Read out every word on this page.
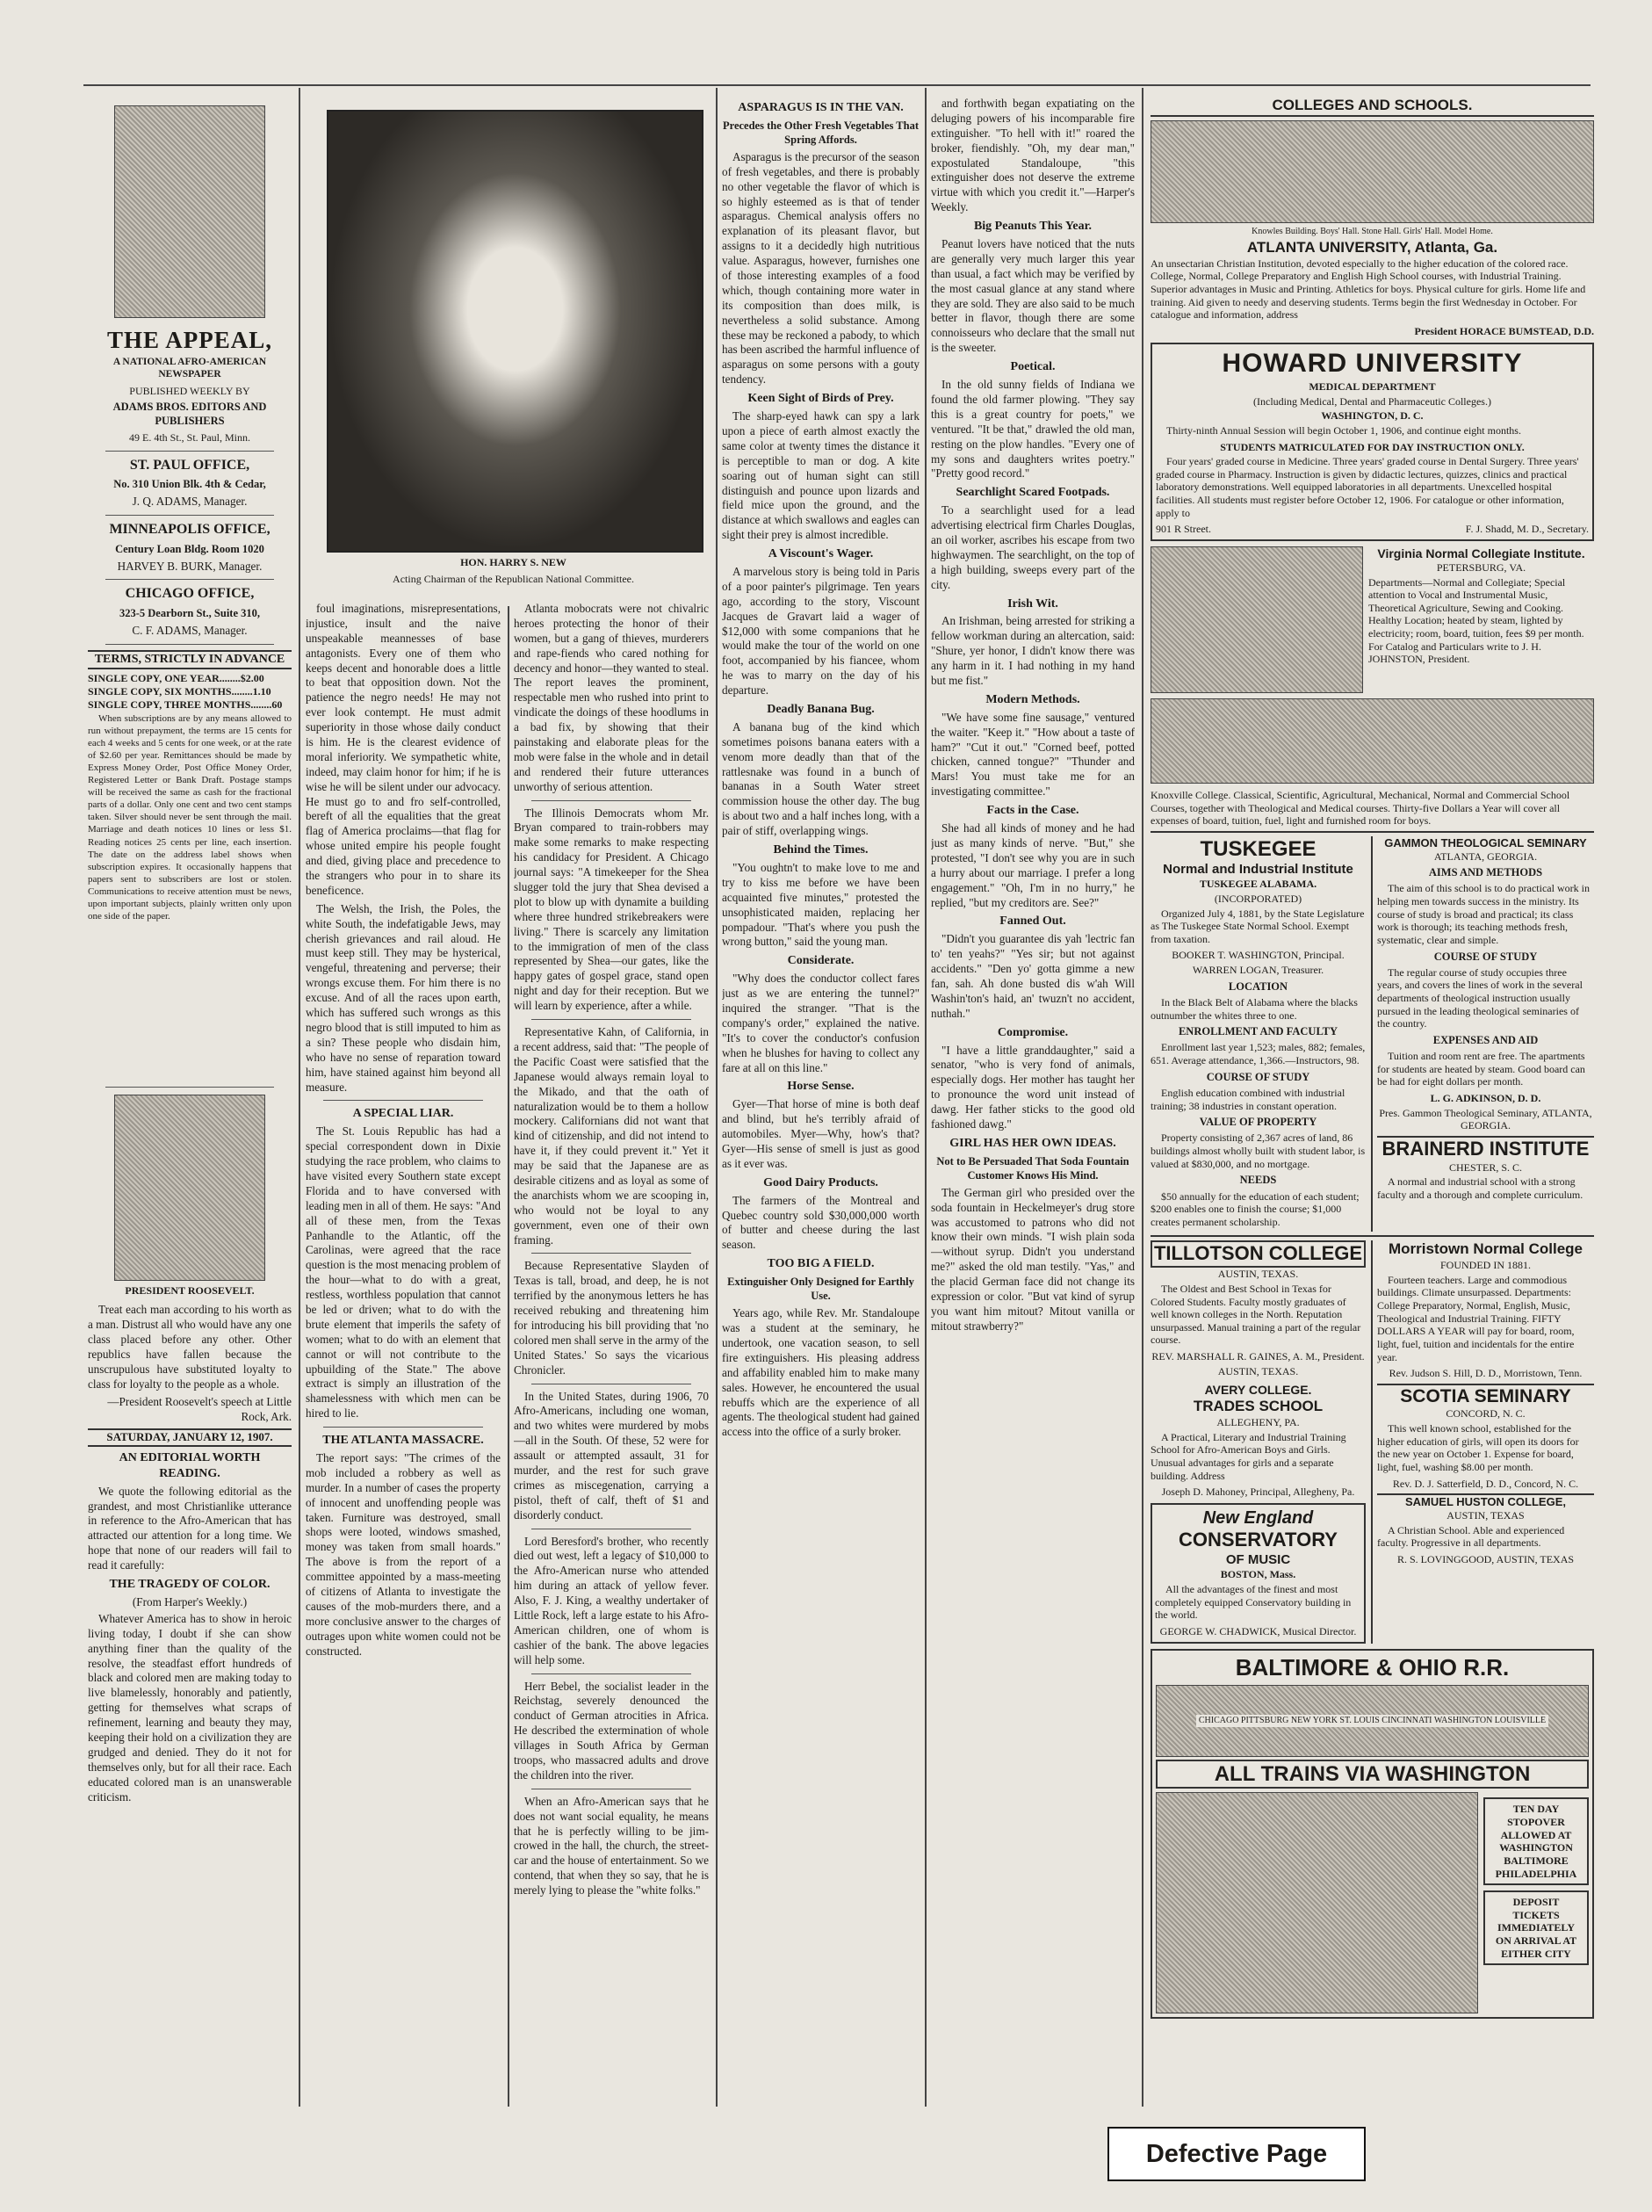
THE APPEAL,
A NATIONAL AFRO-AMERICAN NEWSPAPER
PUBLISHED WEEKLY BY
ADAMS BROS. EDITORS AND PUBLISHERS
49 E. 4th St., St. Paul, Minn.
ST. PAUL OFFICE,
No. 310 Union Blk. 4th & Cedar,
J. Q. ADAMS, Manager.
MINNEAPOLIS OFFICE,
Century Loan Bldg. Room 1020
HARVEY B. BURK, Manager.
CHICAGO OFFICE,
323-5 Dearborn St., Suite 310,
C. F. ADAMS, Manager.
TERMS, STRICTLY IN ADVANCE
SINGLE COPY, ONE YEAR........$2.00
SINGLE COPY, SIX MONTHS........1.10
SINGLE COPY, THREE MONTHS........60
When subscriptions are by any means allowed to run without prepayment, the terms are 15 cents for each 4 weeks and 5 cents for one week, or at the rate of $2.60 per year. Remittances should be made by Express Money Order, Post Office Money Order, Registered Letter or Bank Draft. Postage stamps will be received the same as cash for the fractional parts of a dollar. Only one cent and two cent stamps taken. Silver should never be sent through the mail. Marriage and death notices 10 lines or less $1. Reading notices 25 cents per line, each insertion. The date on the address label shows when subscription expires. It occasionally happens that papers sent to subscribers are lost or stolen. Communications to receive attention must be news, upon important subjects, plainly written only upon one side of the paper.
PRESIDENT ROOSEVELT.
Treat each man according to his worth as a man. Distrust all who would have any one class placed before any other. Other republics have fallen because the unscrupulous have substituted loyalty to class for loyalty to the people as a whole.
—President Roosevelt's speech at Little Rock, Ark.
SATURDAY, JANUARY 12, 1907.
AN EDITORIAL WORTH READING.
We quote the following editorial as the grandest, and most Christianlike utterance in reference to the Afro-American that has attracted our attention for a long time. We hope that none of our readers will fail to read it carefully:
THE TRAGEDY OF COLOR.
(From Harper's Weekly.)
Whatever America has to show in heroic living today, I doubt if she can show anything finer than the quality of the resolve, the steadfast effort hundreds of black and colored men are making today to live blamelessly, honorably and patiently, getting for themselves what scraps of refinement, learning and beauty they may, keeping their hold on a civilization they are grudged and denied. They do it not for themselves only, but for all their race. Each educated colored man is an unanswerable criticism.
HON. HARRY S. NEW
Acting Chairman of the Republican National Committee.
foul imaginations, misrepresentations, injustice, insult and the naive unspeakable meannesses of base antagonists. Every one of them who keeps decent and honorable does a little to beat that opposition down. Not the patience the negro needs! He may not ever look contempt. He must admit superiority in those whose daily conduct is him. He is the clearest evidence of moral inferiority. We sympathetic white, indeed, may claim honor for him; if he is wise he will be silent under our advocacy. He must go to and fro self-controlled, bereft of all the equalities that the great flag of America proclaims—that flag for whose united empire his people fought and died, giving place and precedence to the strangers who pour in to share its beneficence.
The Welsh, the Irish, the Poles, the white South, the indefatigable Jews, may cherish grievances and rail aloud. He must keep still. They may be hysterical, vengeful, threatening and perverse; their wrongs excuse them. For him there is no excuse. And of all the races upon earth, which has suffered such wrongs as this negro blood that is still imputed to him as a sin? These people who disdain him, who have no sense of reparation toward him, have stained against him beyond all measure.
A SPECIAL LIAR.
The St. Louis Republic has had a special correspondent down in Dixie studying the race problem, who claims to have visited every Southern state except Florida and to have conversed with leading men in all of them. He says: "And all of these men, from the Texas Panhandle to the Atlantic, off the Carolinas, were agreed that the race question is the most menacing problem of the hour—what to do with a great, restless, worthless population that cannot be led or driven; what to do with the brute element that imperils the safety of women; what to do with an element that cannot or will not contribute to the upbuilding of the State." The above extract is simply an illustration of the shamelessness with which men can be hired to lie.
THE ATLANTA MASSACRE.
The report says: "The crimes of the mob included a robbery as well as murder. In a number of cases the property of innocent and unoffending people was taken. Furniture was destroyed, small shops were looted, windows smashed, money was taken from small hoards." The above is from the report of a committee appointed by a mass-meeting of citizens of Atlanta to investigate the causes of the mob-murders there, and a more conclusive answer to the charges of outrages upon white women could not be constructed.
Atlanta mobocrats were not chivalric heroes protecting the honor of their women, but a gang of thieves, murderers and rape-fiends who cared nothing for decency and honor—they wanted to steal. The report leaves the prominent, respectable men who rushed into print to vindicate the doings of these hoodlums in a bad fix, by showing that their painstaking and elaborate pleas for the mob were false in the whole and in detail and rendered their future utterances unworthy of serious attention.
The Illinois Democrats whom Mr. Bryan compared to train-robbers may make some remarks to make respecting his candidacy for President. A Chicago journal says: "A timekeeper for the Shea slugger told the jury that Shea devised a plot to blow up with dynamite a building where three hundred strikebreakers were living." There is scarcely any limitation to the immigration of men of the class represented by Shea—our gates, like the happy gates of gospel grace, stand open night and day for their reception. But we will learn by experience, after a while.
Representative Kahn, of California, in a recent address, said that: "The people of the Pacific Coast were satisfied that the Japanese would always remain loyal to the Mikado, and that the oath of naturalization would be to them a hollow mockery. Californians did not want that kind of citizenship, and did not intend to have it, if they could prevent it." Yet it may be said that the Japanese are as desirable citizens and as loyal as some of the anarchists whom we are scooping in, who would not be loyal to any government, even one of their own framing.
Because Representative Slayden of Texas is tall, broad, and deep, he is not terrified by the anonymous letters he has received rebuking and threatening him for introducing his bill providing that 'no colored men shall serve in the army of the United States.' So says the vicarious Chronicler.
In the United States, during 1906, 70 Afro-Americans, including one woman, and two whites were murdered by mobs—all in the South. Of these, 52 were for assault or attempted assault, 31 for murder, and the rest for such grave crimes as miscegenation, carrying a pistol, theft of calf, theft of $1 and disorderly conduct.
Lord Beresford's brother, who recently died out west, left a legacy of $10,000 to the Afro-American nurse who attended him during an attack of yellow fever. Also, F. J. King, a wealthy undertaker of Little Rock, left a large estate to his Afro-American children, one of whom is cashier of the bank. The above legacies will help some.
Herr Bebel, the socialist leader in the Reichstag, severely denounced the conduct of German atrocities in Africa. He described the extermination of whole villages in South Africa by German troops, who massacred adults and drove the children into the river.
When an Afro-American says that he does not want social equality, he means that he is perfectly willing to be jim-crowed in the hall, the church, the street-car and the house of entertainment. So we contend, that when they so say, that he is merely lying to please the "white folks."
ASPARAGUS IS IN THE VAN.
Precedes the Other Fresh Vegetables That Spring Affords.
Asparagus is the precursor of the season of fresh vegetables, and there is probably no other vegetable the flavor of which is so highly esteemed as is that of tender asparagus. Chemical analysis offers no explanation of its pleasant flavor, but assigns to it a decidedly high nutritious value. Asparagus, however, furnishes one of those interesting examples of a food which, though containing more water in its composition than does milk, is nevertheless a solid substance. Among these may be reckoned a pabody, to which has been ascribed the harmful influence of asparagus on some persons with a gouty tendency.
Keen Sight of Birds of Prey.
The sharp-eyed hawk can spy a lark upon a piece of earth almost exactly the same color at twenty times the distance it is perceptible to man or dog. A kite soaring out of human sight can still distinguish and pounce upon lizards and field mice upon the ground, and the distance at which swallows and eagles can sight their prey is almost incredible.
A Viscount's Wager.
A marvelous story is being told in Paris of a poor painter's pilgrimage. Ten years ago, according to the story, Viscount Jacques de Gravart laid a wager of $12,000 with some companions that he would make the tour of the world on one foot, accompanied by his fiancee, whom he was to marry on the day of his departure.
Deadly Banana Bug.
A banana bug of the kind which sometimes poisons banana eaters with a venom more deadly than that of the rattlesnake was found in a bunch of bananas in a South Water street commission house the other day. The bug is about two and a half inches long, with a pair of stiff, overlapping wings.
Behind the Times.
"You oughtn't to make love to me and try to kiss me before we have been acquainted five minutes," protested the unsophisticated maiden, replacing her pompadour. "That's where you push the wrong button," said the young man.
Considerate.
"Why does the conductor collect fares just as we are entering the tunnel?" inquired the stranger. "That is the company's order," explained the native. "It's to cover the conductor's confusion when he blushes for having to collect any fare at all on this line."
Horse Sense.
Gyer—That horse of mine is both deaf and blind, but he's terribly afraid of automobiles. Myer—Why, how's that? Gyer—His sense of smell is just as good as it ever was.
Good Dairy Products.
The farmers of the Montreal and Quebec country sold $30,000,000 worth of butter and cheese during the last season.
TOO BIG A FIELD.
Extinguisher Only Designed for Earthly Use.
Years ago, while Rev. Mr. Standaloupe was a student at the seminary, he undertook, one vacation season, to sell fire extinguishers. His pleasing address and affability enabled him to make many sales. However, he encountered the usual rebuffs which are the experience of all agents. The theological student had gained access into the office of a surly broker.
and forthwith began expatiating on the deluging powers of his incomparable fire extinguisher. "To hell with it!" roared the broker, fiendishly. "Oh, my dear man," expostulated Standaloupe, "this extinguisher does not deserve the extreme virtue with which you credit it."—Harper's Weekly.
Big Peanuts This Year.
Peanut lovers have noticed that the nuts are generally very much larger this year than usual, a fact which may be verified by the most casual glance at any stand where they are sold. They are also said to be much better in flavor, though there are some connoisseurs who declare that the small nut is the sweeter.
Poetical.
In the old sunny fields of Indiana we found the old farmer plowing. "They say this is a great country for poets," we ventured. "It be that," drawled the old man, resting on the plow handles. "Every one of my sons and daughters writes poetry." "Pretty good record."
Searchlight Scared Footpads.
To a searchlight used for a lead advertising electrical firm Charles Douglas, an oil worker, ascribes his escape from two highwaymen. The searchlight, on the top of a high building, sweeps every part of the city.
Irish Wit.
An Irishman, being arrested for striking a fellow workman during an altercation, said: "Shure, yer honor, I didn't know there was any harm in it. I had nothing in my hand but me fist."
Modern Methods.
"We have some fine sausage," ventured the waiter. "Keep it." "How about a taste of ham?" "Cut it out." "Corned beef, potted chicken, canned tongue?" "Thunder and Mars! You must take me for an investigating committee."
Facts in the Case.
She had all kinds of money and he had just as many kinds of nerve. "But," she protested, "I don't see why you are in such a hurry about our marriage. I prefer a long engagement." "Oh, I'm in no hurry," he replied, "but my creditors are. See?"
Fanned Out.
"Didn't you guarantee dis yah 'lectric fan to' ten yeahs?" "Yes sir; but not against accidents." "Den yo' gotta gimme a new fan, sah. Ah done busted dis w'ah Will Washin'ton's haid, an' twuzn't no accident, nuthah."
Compromise.
"I have a little granddaughter," said a senator, "who is very fond of animals, especially dogs. Her mother has taught her to pronounce the word unit instead of dawg. Her father sticks to the good old fashioned dawg."
GIRL HAS HER OWN IDEAS.
Not to Be Persuaded That Soda Fountain Customer Knows His Mind.
The German girl who presided over the soda fountain in Heckelmeyer's drug store was accustomed to patrons who did not know their own minds. "I wish plain soda—without syrup. Didn't you understand me?" asked the old man testily. "Yas," and the placid German face did not change its expression or color. "But vat kind of syrup you want him mitout? Mitout vanilla or mitout strawberry?"
COLLEGES AND SCHOOLS.
Knowles Building. Boys' Hall. Stone Hall. Girls' Hall. Model Home.
ATLANTA UNIVERSITY, Atlanta, Ga.
An unsectarian Christian Institution, devoted especially to the higher education of the colored race. College, Normal, College Preparatory and English High School courses, with Industrial Training. Superior advantages in Music and Printing. Athletics for boys. Physical culture for girls. Home life and training. Aid given to needy and deserving students. Terms begin the first Wednesday in October. For catalogue and information, address
President HORACE BUMSTEAD, D.D.
HOWARD UNIVERSITY
MEDICAL DEPARTMENT
(Including Medical, Dental and Pharmaceutic Colleges.)
WASHINGTON, D. C.
Thirty-ninth Annual Session will begin October 1, 1906, and continue eight months.
STUDENTS MATRICULATED FOR DAY INSTRUCTION ONLY.
Four years' graded course in Medicine. Three years' graded course in Dental Surgery. Three years' graded course in Pharmacy. Instruction is given by didactic lectures, quizzes, clinics and practical laboratory demonstrations. Well equipped laboratories in all departments. Unexcelled hospital facilities. All students must register before October 12, 1906. For catalogue or other information, apply to
901 R Street.	F. J. Shadd, M. D., Secretary.
Virginia Normal Collegiate Institute.
PETERSBURG, VA.
Departments—Normal and Collegiate; Special attention to Vocal and Instrumental Music, Theoretical Agriculture, Sewing and Cooking. Healthy Location; heated by steam, lighted by electricity; room, board, tuition, fees $9 per month. For Catalog and Particulars write to J. H. JOHNSTON, President.
Knoxville College. Classical, Scientific, Agricultural, Mechanical, Normal and Commercial School Courses, together with Theological and Medical courses. Thirty-five Dollars a Year will cover all expenses of board, tuition, fuel, light and furnished room for boys.
TUSKEGEE
Normal and Industrial Institute
TUSKEGEE ALABAMA.
(INCORPORATED)
Organized July 4, 1881, by the State Legislature as The Tuskegee State Normal School. Exempt from taxation.
BOOKER T. WASHINGTON, Principal.
WARREN LOGAN, Treasurer.
LOCATION
In the Black Belt of Alabama where the blacks outnumber the whites three to one.
ENROLLMENT AND FACULTY
Enrollment last year 1,523; males, 882; females, 651. Average attendance, 1,366.—Instructors, 98.
COURSE OF STUDY
English education combined with industrial training; 38 industries in constant operation.
VALUE OF PROPERTY
Property consisting of 2,367 acres of land, 86 buildings almost wholly built with student labor, is valued at $830,000, and no mortgage.
NEEDS
$50 annually for the education of each student; $200 enables one to finish the course; $1,000 creates permanent scholarship.
GAMMON THEOLOGICAL SEMINARY
ATLANTA, GEORGIA.
AIMS AND METHODS
The aim of this school is to do practical work in helping men towards success in the ministry. Its course of study is broad and practical; its class work is thorough; its teaching methods fresh, systematic, clear and simple.
COURSE OF STUDY
The regular course of study occupies three years, and covers the lines of work in the several departments of theological instruction usually pursued in the leading theological seminaries of the country.
EXPENSES AND AID
Tuition and room rent are free. The apartments for students are heated by steam. Good board can be had for eight dollars per month.
L. G. ADKINSON, D. D.
Pres. Gammon Theological Seminary, ATLANTA, GEORGIA.
BRAINERD INSTITUTE
CHESTER, S. C.
A normal and industrial school with a strong faculty and a thorough and complete curriculum.
TILLOTSON COLLEGE
AUSTIN, TEXAS.
The Oldest and Best School in Texas for Colored Students. Faculty mostly graduates of well known colleges in the North. Reputation unsurpassed. Manual training a part of the regular course.
REV. MARSHALL R. GAINES, A. M., President.
AUSTIN, TEXAS.
AVERY COLLEGE.
TRADES SCHOOL
ALLEGHENY, PA.
A Practical, Literary and Industrial Training School for Afro-American Boys and Girls. Unusual advantages for girls and a separate building. Address
Joseph D. Mahoney, Principal, Allegheny, Pa.
New England
CONSERVATORY
OF MUSIC
BOSTON, Mass.
All the advantages of the finest and most completely equipped Conservatory building in the world.
GEORGE W. CHADWICK, Musical Director.
Morristown Normal College
FOUNDED IN 1881.
Fourteen teachers. Large and commodious buildings. Climate unsurpassed. Departments: College Preparatory, Normal, English, Music, Theological and Industrial Training. FIFTY DOLLARS A YEAR will pay for board, room, light, fuel, tuition and incidentals for the entire year.
Rev. Judson S. Hill, D. D., Morristown, Tenn.
SCOTIA SEMINARY
CONCORD, N. C.
This well known school, established for the higher education of girls, will open its doors for the new year on October 1. Expense for board, light, fuel, washing $8.00 per month.
Rev. D. J. Satterfield, D. D., Concord, N. C.
SAMUEL HUSTON COLLEGE,
AUSTIN, TEXAS
A Christian School. Able and experienced faculty. Progressive in all departments.
R. S. LOVINGGOOD, AUSTIN, TEXAS
BALTIMORE & OHIO R.R.
CHICAGO PITTSBURG NEW YORK ST. LOUIS CINCINNATI WASHINGTON LOUISVILLE
ALL TRAINS VIA WASHINGTON
TEN DAY STOPOVER ALLOWED AT WASHINGTON BALTIMORE PHILADELPHIA
DEPOSIT TICKETS IMMEDIATELY ON ARRIVAL AT EITHER CITY
Defective Page
